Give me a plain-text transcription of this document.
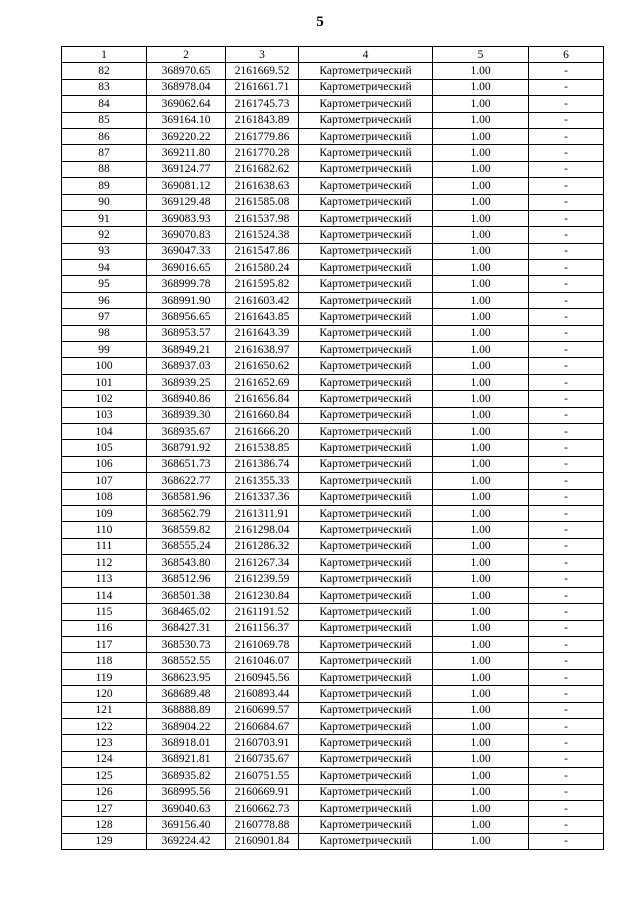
5
1	2	3	4	5	6
82	368970.65	2161669.52	Картометрический	1.00	-
83	368978.04	2161661.71	Картометрический	1.00	-
84	369062.64	2161745.73	Картометрический	1.00	-
85	369164.10	2161843.89	Картометрический	1.00	-
86	369220.22	2161779.86	Картометрический	1.00	-
87	369211.80	2161770.28	Картометрический	1.00	-
88	369124.77	2161682.62	Картометрический	1.00	-
89	369081.12	2161638.63	Картометрический	1.00	-
90	369129.48	2161585.08	Картометрический	1.00	-
91	369083.93	2161537.98	Картометрический	1.00	-
92	369070.83	2161524.38	Картометрический	1.00	-
93	369047.33	2161547.86	Картометрический	1.00	-
94	369016.65	2161580.24	Картометрический	1.00	-
95	368999.78	2161595.82	Картометрический	1.00	-
96	368991.90	2161603.42	Картометрический	1.00	-
97	368956.65	2161643.85	Картометрический	1.00	-
98	368953.57	2161643.39	Картометрический	1.00	-
99	368949.21	2161638.97	Картометрический	1.00	-
100	368937.03	2161650.62	Картометрический	1.00	-
101	368939.25	2161652.69	Картометрический	1.00	-
102	368940.86	2161656.84	Картометрический	1.00	-
103	368939.30	2161660.84	Картометрический	1.00	-
104	368935.67	2161666.20	Картометрический	1.00	-
105	368791.92	2161538.85	Картометрический	1.00	-
106	368651.73	2161386.74	Картометрический	1.00	-
107	368622.77	2161355.33	Картометрический	1.00	-
108	368581.96	2161337.36	Картометрический	1.00	-
109	368562.79	2161311.91	Картометрический	1.00	-
110	368559.82	2161298.04	Картометрический	1.00	-
111	368555.24	2161286.32	Картометрический	1.00	-
112	368543.80	2161267.34	Картометрический	1.00	-
113	368512.96	2161239.59	Картометрический	1.00	-
114	368501.38	2161230.84	Картометрический	1.00	-
115	368465.02	2161191.52	Картометрический	1.00	-
116	368427.31	2161156.37	Картометрический	1.00	-
117	368530.73	2161069.78	Картометрический	1.00	-
118	368552.55	2161046.07	Картометрический	1.00	-
119	368623.95	2160945.56	Картометрический	1.00	-
120	368689.48	2160893.44	Картометрический	1.00	-
121	368888.89	2160699.57	Картометрический	1.00	-
122	368904.22	2160684.67	Картометрический	1.00	-
123	368918.01	2160703.91	Картометрический	1.00	-
124	368921.81	2160735.67	Картометрический	1.00	-
125	368935.82	2160751.55	Картометрический	1.00	-
126	368995.56	2160669.91	Картометрический	1.00	-
127	369040.63	2160662.73	Картометрический	1.00	-
128	369156.40	2160778.88	Картометрический	1.00	-
129	369224.42	2160901.84	Картометрический	1.00	-
